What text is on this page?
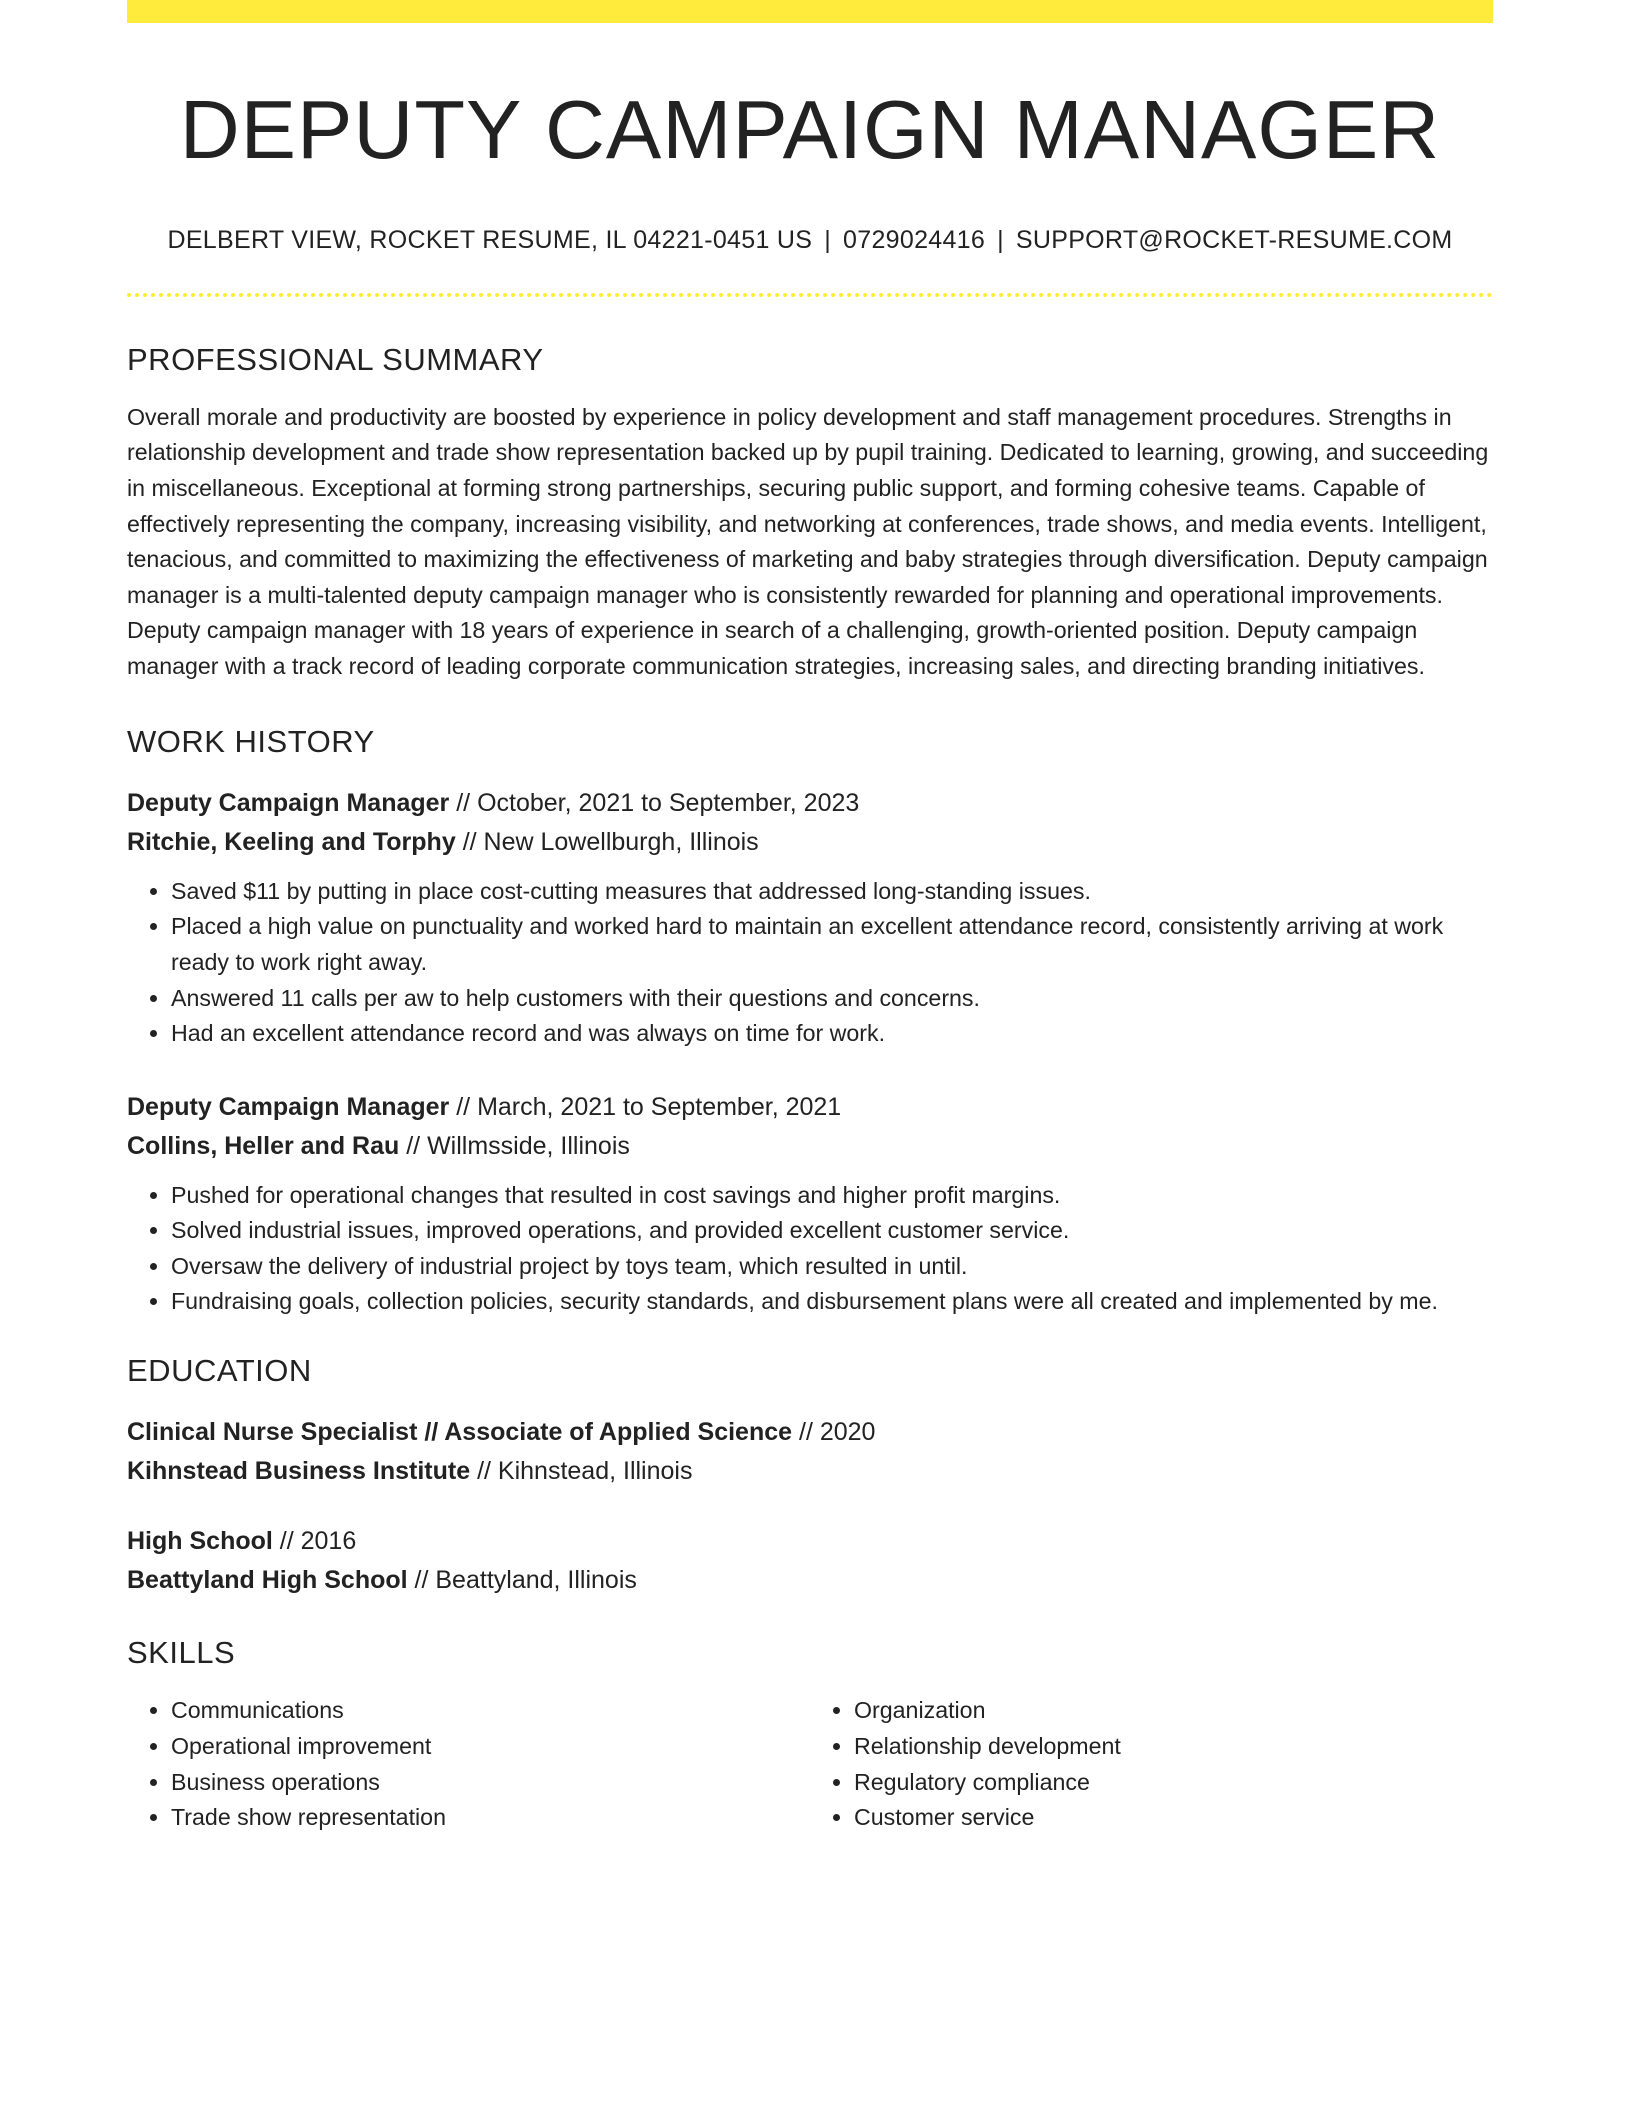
DEPUTY CAMPAIGN MANAGER
DELBERT VIEW, ROCKET RESUME, IL 04221-0451 US | 0729024416 | SUPPORT@ROCKET-RESUME.COM
PROFESSIONAL SUMMARY

Overall morale and productivity are boosted by experience in policy development and staff management procedures. Strengths in relationship development and trade show representation backed up by pupil training. Dedicated to learning, growing, and succeeding in miscellaneous. Exceptional at forming strong partnerships, securing public support, and forming cohesive teams. Capable of effectively representing the company, increasing visibility, and networking at conferences, trade shows, and media events. Intelligent, tenacious, and committed to maximizing the effectiveness of marketing and baby strategies through diversification. Deputy campaign manager is a multi-talented deputy campaign manager who is consistently rewarded for planning and operational improvements. Deputy campaign manager with 18 years of experience in search of a challenging, growth-oriented position. Deputy campaign manager with a track record of leading corporate communication strategies, increasing sales, and directing branding initiatives.

WORK HISTORY
Deputy Campaign Manager // October, 2021 to September, 2023
Ritchie, Keeling and Torphy // New Lowellburgh, Illinois
• Saved $11 by putting in place cost-cutting measures that addressed long-standing issues.
• Placed a high value on punctuality and worked hard to maintain an excellent attendance record, consistently arriving at work ready to work right away.
• Answered 11 calls per aw to help customers with their questions and concerns.
• Had an excellent attendance record and was always on time for work.
Deputy Campaign Manager // March, 2021 to September, 2021
Collins, Heller and Rau // Willmsside, Illinois
• Pushed for operational changes that resulted in cost savings and higher profit margins.
• Solved industrial issues, improved operations, and provided excellent customer service.
• Oversaw the delivery of industrial project by toys team, which resulted in until.
• Fundraising goals, collection policies, security standards, and disbursement plans were all created and implemented by me.
EDUCATION
Clinical Nurse Specialist // Associate of Applied Science // 2020
Kihnstead Business Institute // Kihnstead, Illinois
High School // 2016
Beattyland High School // Beattyland, Illinois
SKILLS
• Communications
• Operational improvement
• Business operations
• Trade show representation
• Organization
• Relationship development
• Regulatory compliance
• Customer service
